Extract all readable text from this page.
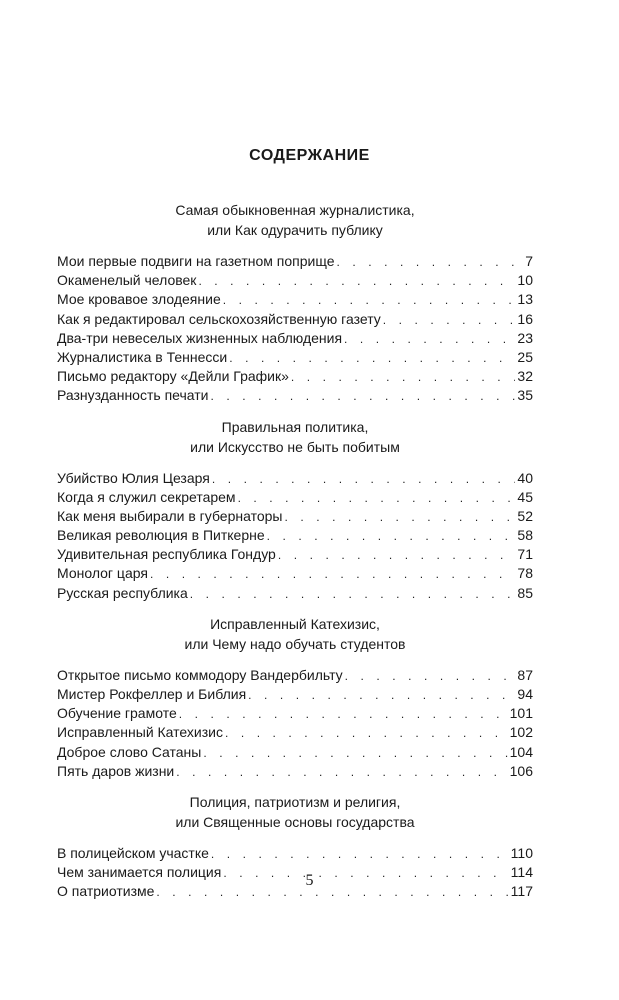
СОДЕРЖАНИЕ
Самая обыкновенная журналистика,
или Как одурачить публику
Мои первые подвиги на газетном поприще . . .	7
Окаменелый человек . . .	10
Мое кровавое злодеяние . . .	13
Как я редактировал сельскохозяйственную газету . . .	16
Два-три невеселых жизненных наблюдения . . .	23
Журналистика в Теннесси . . .	25
Письмо редактору «Дейли График» . . .	32
Разнузданность печати . . .	35
Правильная политика,
или Искусство не быть побитым
Убийство Юлия Цезаря . . .	40
Когда я служил секретарем . . .	45
Как меня выбирали в губернаторы . . .	52
Великая революция в Питкерне . . .	58
Удивительная республика Гондур . . .	71
Монолог царя . . .	78
Русская республика . . .	85
Исправленный Катехизис,
или Чему надо обучать студентов
Открытое письмо коммодору Вандербильту . . .	87
Мистер Рокфеллер и Библия . . .	94
Обучение грамоте . . .	101
Исправленный Катехизис . . .	102
Доброе слово Сатаны . . .	104
Пять даров жизни . . .	106
Полиция, патриотизм и религия,
или Священные основы государства
В полицейском участке . . .	110
Чем занимается полиция . . .	114
О патриотизме . . .	117
5
